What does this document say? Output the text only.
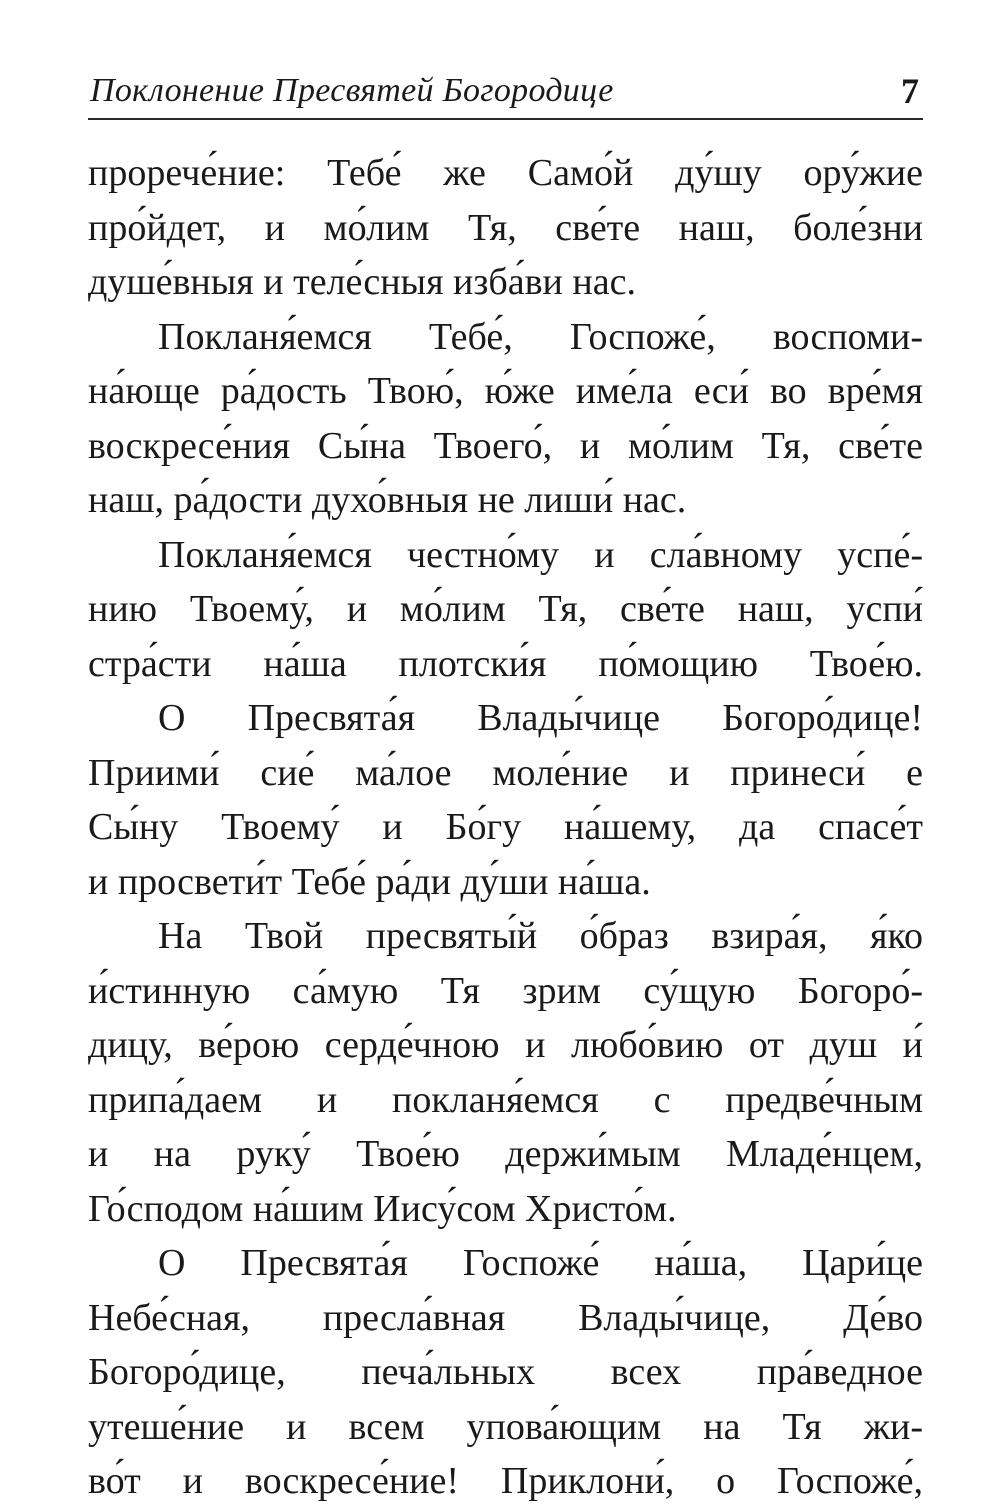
Поклонение Пресвятей Богородице	7
прорече́ние: Тебе́ же Само́й ду́шу ору́жие
про́йдет, и мо́лим Тя, све́те наш, боле́зни
душе́вныя и теле́сныя изба́ви нас.
Покланя́емся Тебе́, Госпоже́, воспоми-
на́юще ра́дость Твою́, ю́же име́ла еси́ во вре́мя
воскресе́ния Сы́на Твоего́, и мо́лим Тя, све́те
наш, ра́дости духо́вныя не лиши́ нас.
Покланя́емся честно́му и сла́вному успе́-
нию Твоему́, и мо́лим Тя, све́те наш, успи́
стра́сти на́ша плотски́я по́мощию Твое́ю.
О Пресвята́я Влады́чице Богоро́дице!
Приими́ сие́ ма́лое моле́ние и принеси́ е
Сы́ну Твоему́ и Бо́гу на́шему, да спасе́т
и просвети́т Тебе́ ра́ди ду́ши на́ша.
На Твой пресвяты́й о́браз взира́я, я́ко
и́стинную са́мую Тя зрим су́щую Богоро́-
дицу, ве́рою серде́чною и любо́вию от душ и́
припа́даем и покланя́емся с предве́чным
и на руку́ Твое́ю держи́мым Младе́нцем,
Го́сподом на́шим Иису́сом Христо́м.
О Пресвята́я Госпоже́ на́ша, Цари́це
Небе́сная, пресла́вная Влады́чице, Де́во
Богоро́дице, печа́льных всех пра́ведное
утеше́ние и всем упова́ющим на Тя жи-
во́т и воскресе́ние! Приклони́, о Госпоже́,
